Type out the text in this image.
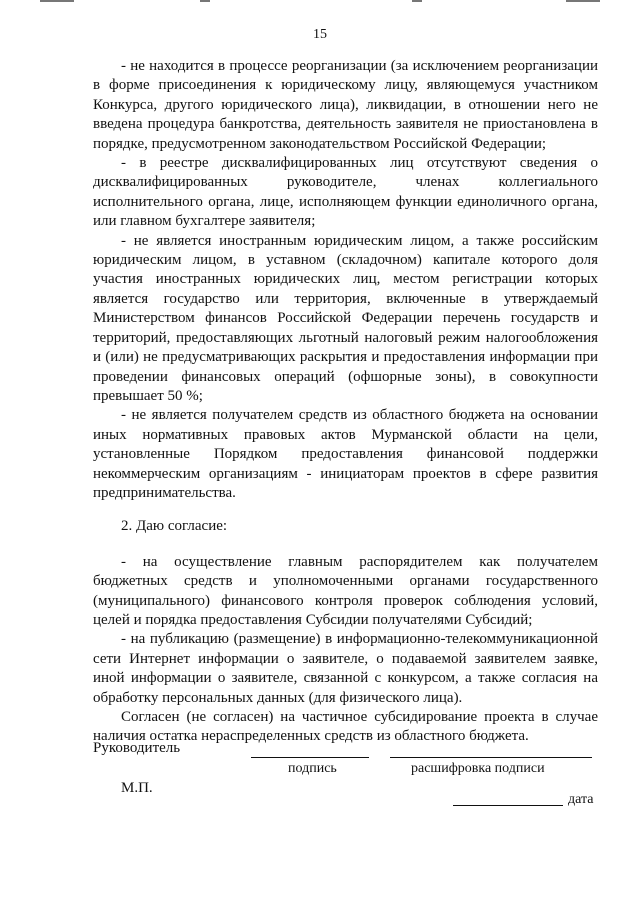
15

- не находится в процессе реорганизации (за исключением реорганизации в форме присоединения к юридическому лицу, являющемуся участником Конкурса, другого юридического лица), ликвидации, в отношении него не введена процедура банкротства, деятельность заявителя не приостановлена в порядке, предусмотренном законодательством Российской Федерации;

- в реестре дисквалифицированных лиц отсутствуют сведения о дисквалифицированных руководителе, членах коллегиального исполнительного органа, лице, исполняющем функции единоличного органа, или главном бухгалтере заявителя;

- не является иностранным юридическим лицом, а также российским юридическим лицом, в уставном (складочном) капитале которого доля участия иностранных юридических лиц, местом регистрации которых является государство или территория, включенные в утверждаемый Министерством финансов Российской Федерации перечень государств и территорий, предоставляющих льготный налоговый режим налогообложения и (или) не предусматривающих раскрытия и предоставления информации при проведении финансовых операций (офшорные зоны), в совокупности превышает 50 %;

- не является получателем средств из областного бюджета на основании иных нормативных правовых актов Мурманской области на цели, установленные Порядком предоставления финансовой поддержки некоммерческим организациям - инициаторам проектов в сфере развития предпринимательства.

2. Даю согласие:

- на осуществление главным распорядителем как получателем бюджетных средств и уполномоченными органами государственного (муниципального) финансового контроля проверок соблюдения условий, целей и порядка предоставления Субсидии получателями Субсидий;

- на публикацию (размещение) в информационно-телекоммуникационной сети Интернет информации о заявителе, о подаваемой заявителем заявке, иной информации о заявителе, связанной с конкурсом, а также согласия на обработку персональных данных (для физического лица).

Согласен (не согласен) на частичное субсидирование проекта в случае наличия остатка нераспределенных средств из областного бюджета.

Руководитель
подпись	расшифровка подписи
М.П.
дата
